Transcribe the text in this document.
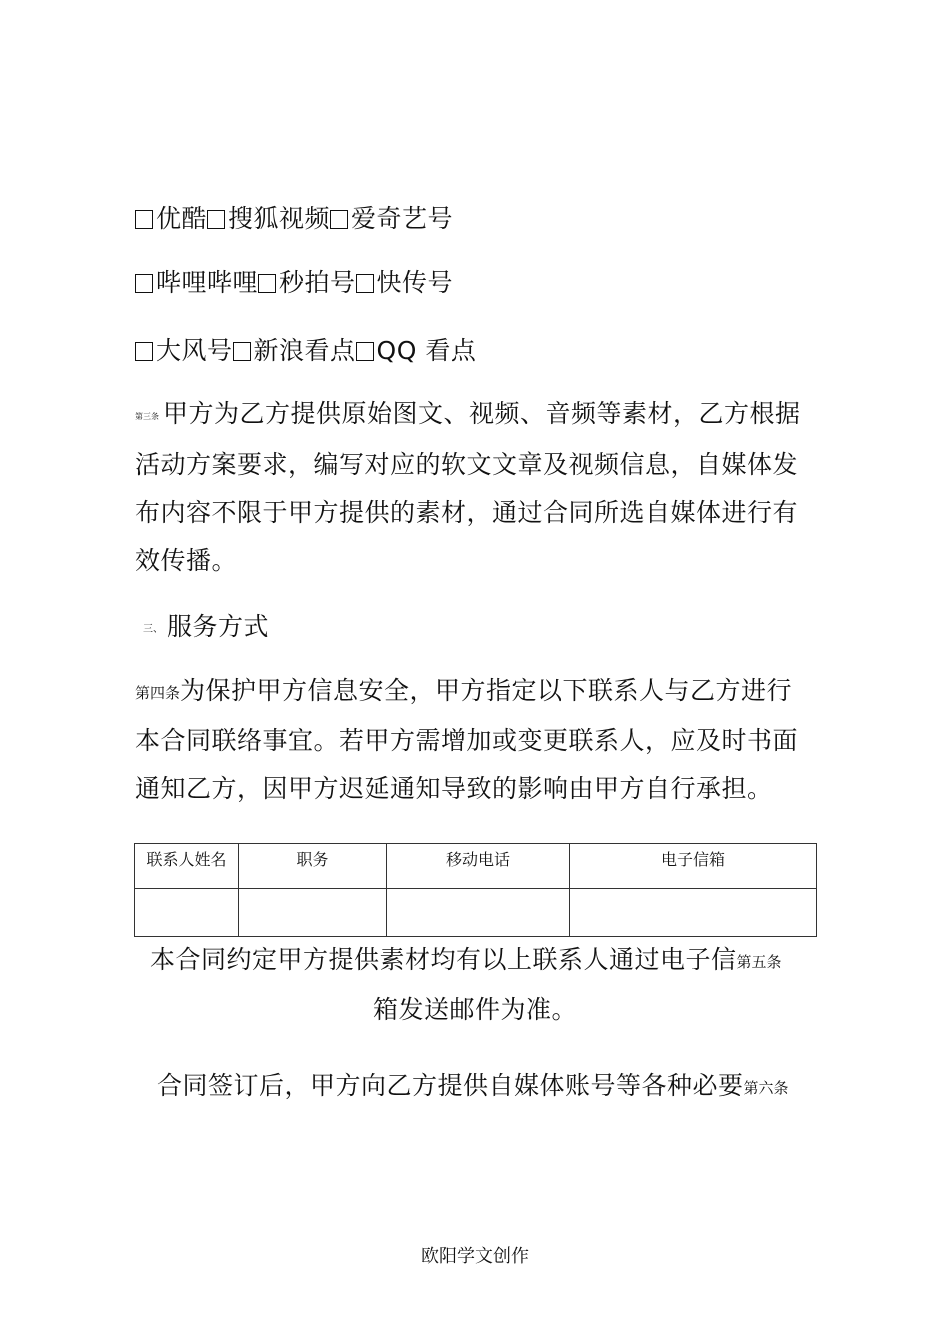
优酷 搜狐视频 爱奇艺号
哔哩哔哩 秒拍号 快传号
大风号 新浪看点 QQ 看点
第三条 甲方为乙方提供原始图文、视频、音频等素材，乙方根据
活动方案要求，编写对应的软文文章及视频信息，自媒体发
布内容不限于甲方提供的素材，通过合同所选自媒体进行有
效传播。
三、 服务方式
第四条为保护甲方信息安全，甲方指定以下联系人与乙方进行
本合同联络事宜。若甲方需增加或变更联系人，应及时书面
通知乙方，因甲方迟延通知导致的影响由甲方自行承担。
联系人姓名	职务	移动电话	电子信箱

本合同约定甲方提供素材均有以上联系人通过电子信第五条
箱发送邮件为准。
合同签订后，甲方向乙方提供自媒体账号等各种必要第六条
欧阳学文创作
